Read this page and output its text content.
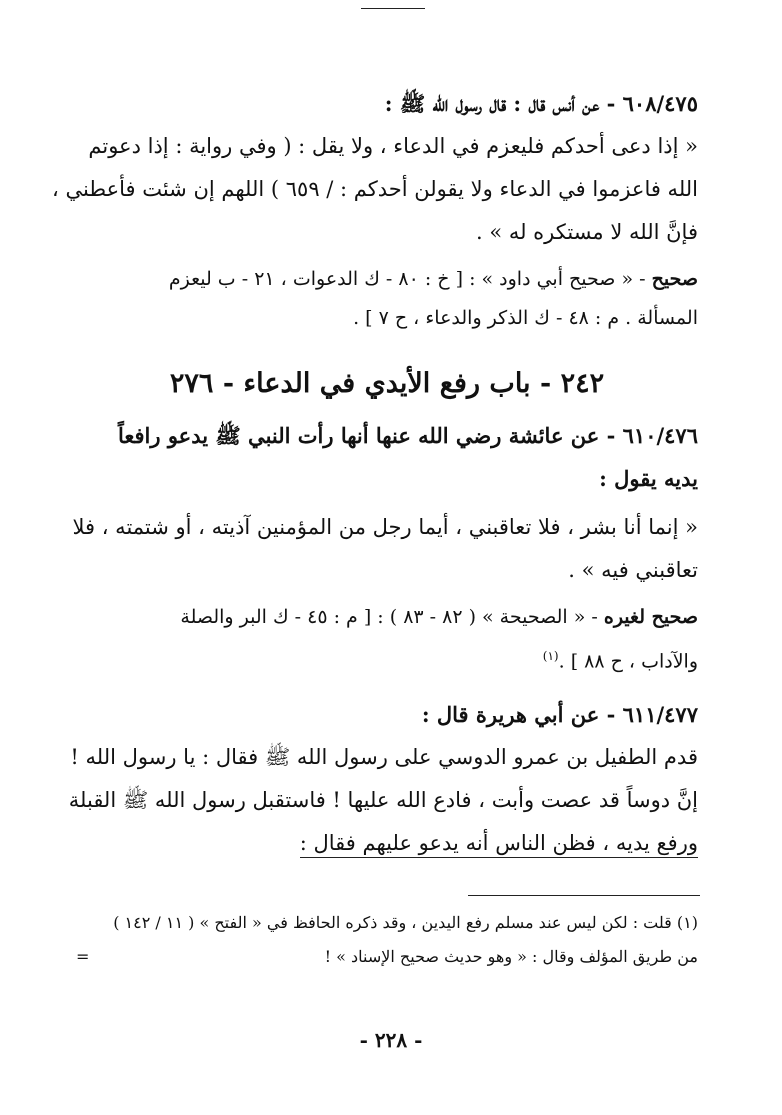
٦٠٨/٤٧٥ - عن أنس قال : قال رسول الله ﷺ :
« إذا دعى أحدكم فليعزم في الدعاء ، ولا يقل : ( وفي رواية : إذا دعوتم
الله فاعزموا في الدعاء ولا يقولن أحدكم : / ٦٥٩ ) اللهم إن شئت فأعطني ،
فإنَّ الله لا مستكره له » .
صحيح - « صحيح أبي داود » : [ خ : ٨٠ - ك الدعوات ، ٢١ - ب ليعزم
المسألة . م : ٤٨ - ك الذكر والدعاء ، ح ٧ ] .
٢٤٢ - باب رفع الأيدي في الدعاء - ٢٧٦
٦١٠/٤٧٦ - عن عائشة رضي الله عنها أنها رأت النبي ﷺ يدعو رافعاً
يديه يقول :
« إنما أنا بشر ، فلا تعاقبني ، أيما رجل من المؤمنين آذيته ، أو شتمته ، فلا
تعاقبني فيه » .
صحيح لغيره - « الصحيحة » ( ٨٢ - ٨٣ ) : [ م : ٤٥ - ك البر والصلة
والآداب ، ح ٨٨ ] .$^{(١)}$
٦١١/٤٧٧ - عن أبي هريرة قال :
قدم الطفيل بن عمرو الدوسي على رسول الله ﷺ فقال : يا رسول الله !
إنَّ دوساً قد عصت وأبت ، فادع الله عليها ! فاستقبل رسول الله ﷺ القبلة
ورفع يديه ، فظن الناس أنه يدعو عليهم فقال :
(١) قلت : لكن ليس عند مسلم رفع اليدين ، وقد ذكره الحافظ في « الفتح » ( ١١ / ١٤٢ )
من طريق المؤلف وقال : « وهو حديث صحيح الإسناد » !
=
- ٢٢٨ -
